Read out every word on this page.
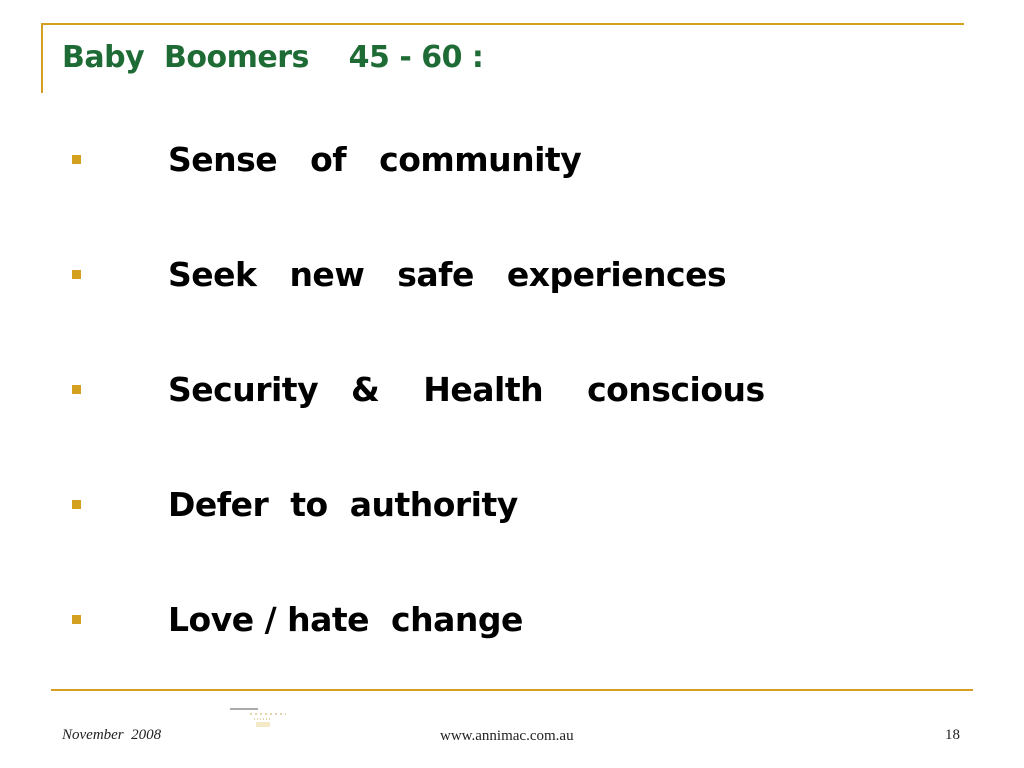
Baby  Boomers    45 - 60 :
Sense   of   community
Seek   new   safe   experiences
Security   &    Health    conscious
Defer  to  authority
Love / hate  change
November  2008	www.annimac.com.au	18
